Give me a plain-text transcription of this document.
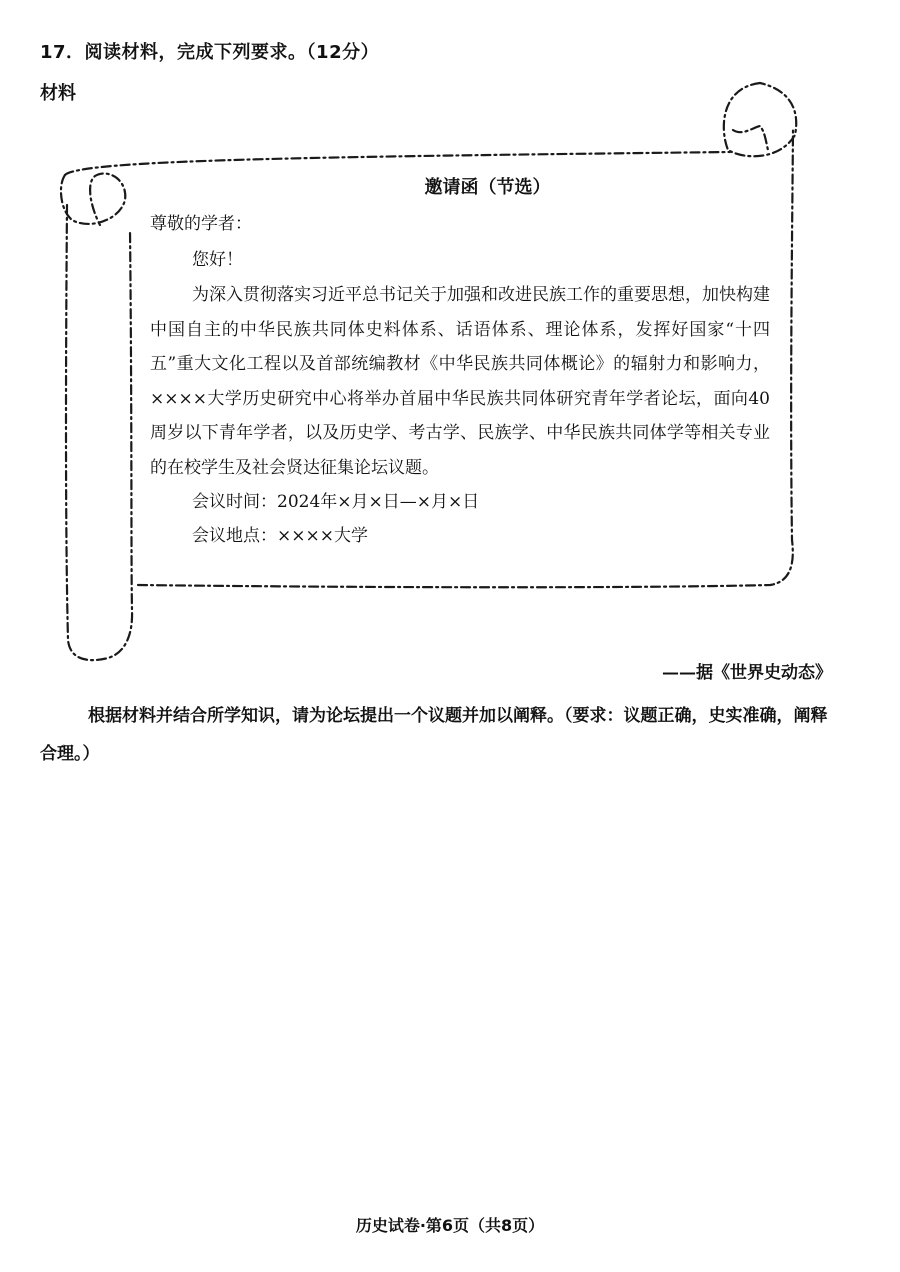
17．阅读材料，完成下列要求。（12分）
材料
邀请函（节选）
尊敬的学者：
您好！

为深入贯彻落实习近平总书记关于加强和改进民族工作的重要思想，加快构建中国自主的中华民族共同体史料体系、话语体系、理论体系，发挥好国家“十四五”重大文化工程以及首部统编教材《中华民族共同体概论》的辐射力和影响力，××××大学历史研究中心将举办首届中华民族共同体研究青年学者论坛，面向40周岁以下青年学者，以及历史学、考古学、民族学、中华民族共同体学等相关专业的在校学生及社会贤达征集论坛议题。

会议时间：2024年×月×日—×月×日
会议地点：××××大学
——据《世界史动态》

根据材料并结合所学知识，请为论坛提出一个议题并加以阐释。（要求：议题正确，史实准确，阐释合理。）

历史试卷·第6页（共8页）
